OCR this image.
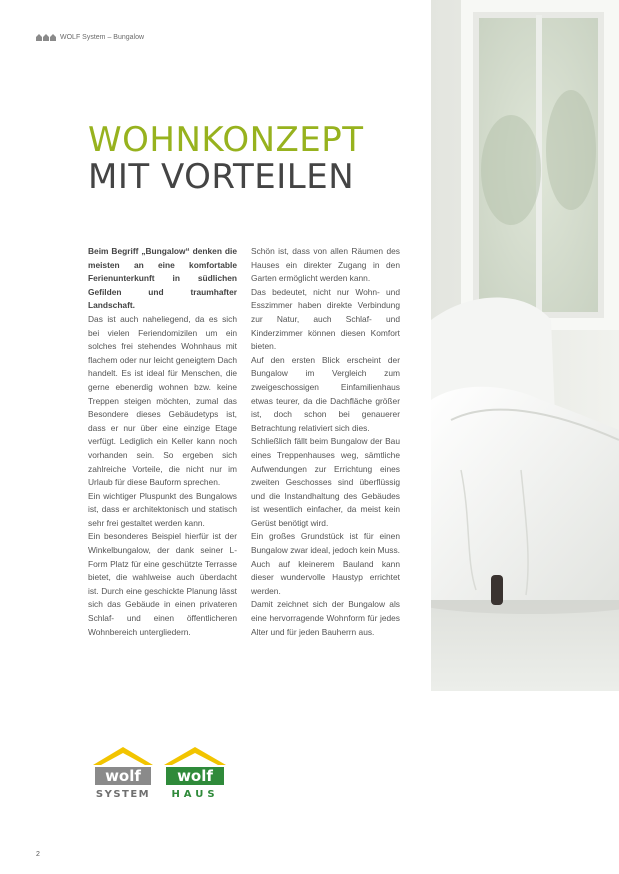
WOLF System – Bungalow
WOHNKONZEPT
MIT VORTEILEN

Beim Begriff „Bungalow“ denken die meisten an eine komfortable Ferienunterkunft in südlichen Gefilden und traumhafter Landschaft.

Das ist auch naheliegend, da es sich bei vielen Feriendomizilen um ein solches frei stehendes Wohnhaus mit flachem oder nur leicht geneigtem Dach handelt. Es ist ideal für Menschen, die gerne ebenerdig wohnen bzw. keine Treppen steigen möchten, zumal das Besondere dieses Gebäudetyps ist, dass er nur über eine einzige Etage verfügt. Lediglich ein Keller kann noch vorhanden sein. So ergeben sich zahlreiche Vorteile, die nicht nur im Urlaub für diese Bauform sprechen.

Ein wichtiger Pluspunkt des Bungalows ist, dass er architektonisch und statisch sehr frei gestaltet werden kann.

Ein besonderes Beispiel hierfür ist der Winkelbungalow, der dank seiner L-Form Platz für eine geschützte Terrasse bietet, die wahlweise auch überdacht ist. Durch eine geschickte Planung lässt sich das Gebäude in einen privateren Schlaf- und einen öffentlicheren Wohnbereich untergliedern.

Schön ist, dass von allen Räumen des Hauses ein direkter Zugang in den Garten ermöglicht werden kann.

Das bedeutet, nicht nur Wohn- und Esszimmer haben direkte Verbindung zur Natur, auch Schlaf- und Kinderzimmer können diesen Komfort bieten.

Auf den ersten Blick erscheint der Bungalow im Vergleich zum zweigeschossigen Einfamilienhaus etwas teurer, da die Dachfläche größer ist, doch schon bei genauerer Betrachtung relativiert sich dies.

Schließlich fällt beim Bungalow der Bau eines Treppenhauses weg, sämtliche Aufwendungen zur Errichtung eines zweiten Geschosses sind überflüssig und die Instandhaltung des Gebäudes ist wesentlich einfacher, da meist kein Gerüst benötigt wird.

Ein großes Grundstück ist für einen Bungalow zwar ideal, jedoch kein Muss. Auch auf kleinerem Bauland kann dieser wundervolle Haustyp errichtet werden.

Damit zeichnet sich der Bungalow als eine hervorragende Wohnform für jedes Alter und für jeden Bauherrn aus.

wolf
SYSTEM
wolf
HAUS
2
